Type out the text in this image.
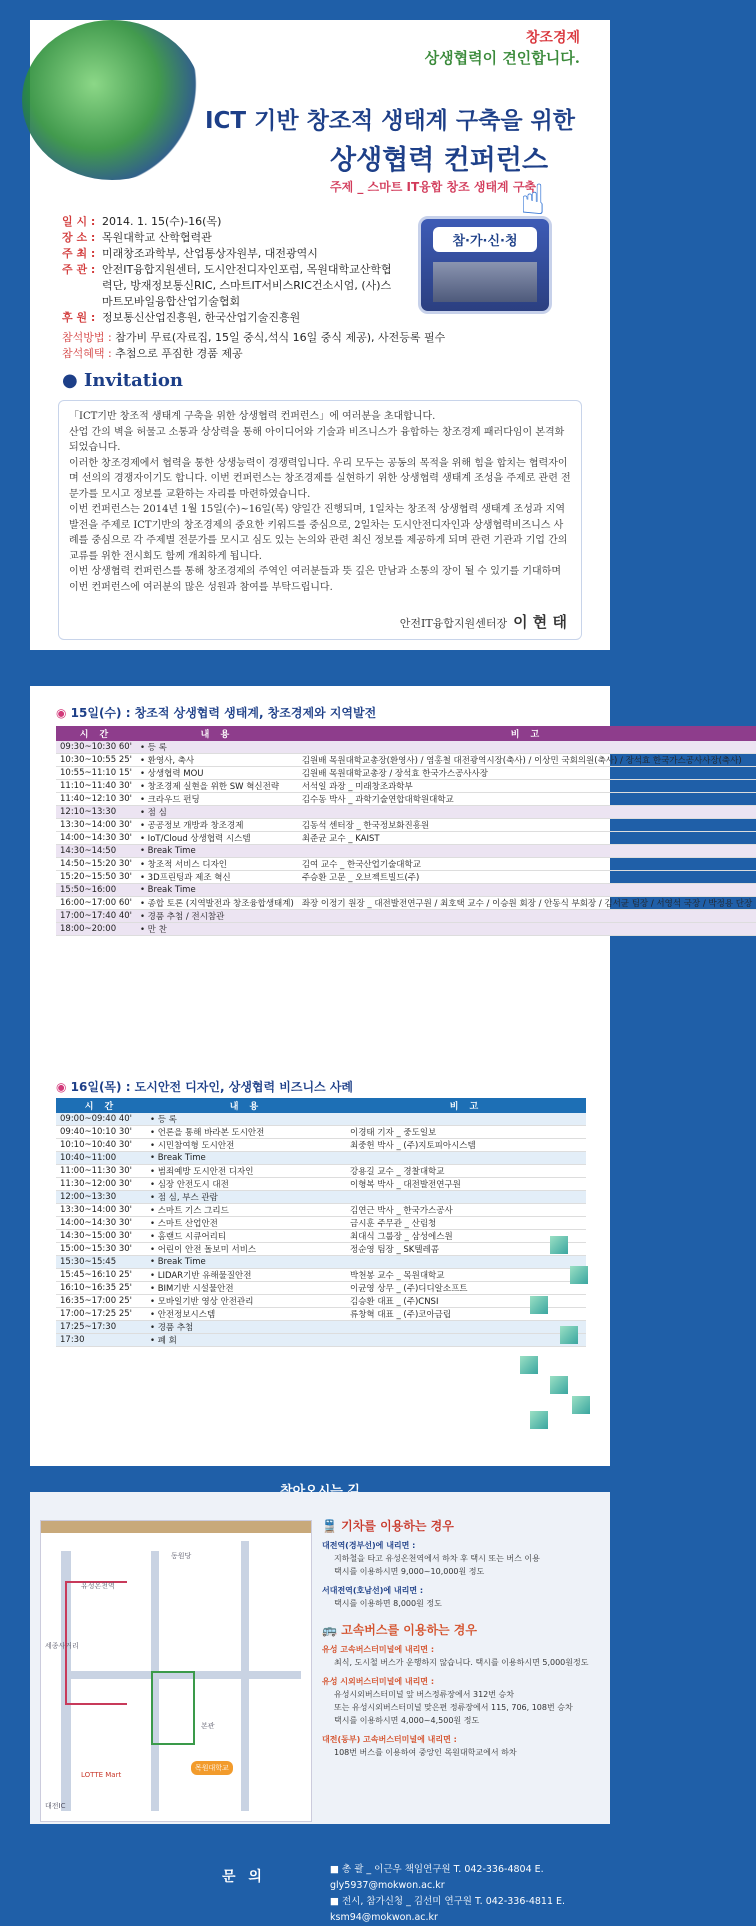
창조경제
상생협력이 견인합니다.
ICT 기반 창조적 생태계 구축을 위한
상생협력 컨퍼런스
주제 _ 스마트 IT융합 창조 생태계 구축
일 시 : 2014. 1. 15(수)-16(목)
장 소 : 목원대학교 산학협력관
주 최 : 미래창조과학부, 산업통상자원부, 대전광역시
주 관 : 안전IT융합지원센터, 도시안전디자인포럼, 목원대학교산학협력단, 방재정보통신RIC, 스마트IT서비스RIC건소시엄, (사)스마트모바일융합산업기술협회
후 원 : 정보통신산업진흥원, 한국산업기술진흥원
참·가·신·청
☝
참석방법 : 참가비 무료(자료집, 15일 중식,석식 16일 중식 제공), 사전등록 필수
참석혜택 : 추첨으로 푸짐한 경품 제공
● Invitation

「ICT기반 창조적 생태계 구축을 위한 상생협력 컨퍼런스」에 여러분을 초대합니다.

산업 간의 벽을 허물고 소통과 상상력을 통해 아이디어와 기술과 비즈니스가 융합하는 창조경제 패러다임이 본격화되었습니다.

이러한 창조경제에서 협력을 통한 상생능력이 경쟁력입니다. 우리 모두는 공동의 목적을 위해 힘을 합치는 협력자이며 선의의 경쟁자이기도 합니다. 이번 컨퍼런스는 창조경제를 실현하기 위한 상생협력 생태계 조성을 주제로 관련 전문가를 모시고 정보를 교환하는 자리를 마련하였습니다.

이번 컨퍼런스는 2014년 1월 15일(수)~16일(목) 양일간 진행되며, 1일차는 창조적 상생협력 생태계 조성과 지역발전을 주제로 ICT기반의 창조경제의 중요한 키워드를 중심으로, 2일차는 도시안전디자인과 상생협력비즈니스 사례를 중심으로 각 주제별 전문가를 모시고 심도 있는 논의와 관련 최신 정보를 제공하게 되며 관련 기관과 기업 간의 교류를 위한 전시회도 함께 개최하게 됩니다.

이번 상생협력 컨퍼런스를 통해 창조경제의 주역인 여러분들과 뜻 깊은 만남과 소통의 장이 될 수 있기를 기대하며 이번 컨퍼런스에 여러분의 많은 성원과 참여를 부탁드립니다.

안전IT융합지원센터장 이 현 태
◉ 15일(수) : 창조적 상생협력 생태계, 창조경제와 지역발전
시 간	내 용	비 고
09:30~10:30 60'	• 등 록	
10:30~10:55 25'	• 환영사, 축사	김원배 목원대학교총장(환영사) / 염홍철 대전광역시장(축사) / 이상민 국회의원(축사) / 장석효 한국가스공사사장(축사)
10:55~11:10 15'	• 상생협력 MOU	김원배 목원대학교총장 / 장석효 한국가스공사사장
11:10~11:40 30'	• 창조경제 실현을 위한 SW 혁신전략	서석일 과장 _ 미래창조과학부
11:40~12:10 30'	• 크라우드 펀딩	김수동 박사 _ 과학기술연합대학원대학교
12:10~13:30	• 점 심	
13:30~14:00 30'	• 공공정보 개방과 창조경제	김동석 센터장 _ 한국정보화진흥원
14:00~14:30 30'	• IoT/Cloud 상생협력 시스템	최준균 교수 _ KAIST
14:30~14:50	• Break Time	
14:50~15:20 30'	• 창조적 서비스 디자인	김여 교수 _ 한국산업기술대학교
15:20~15:50 30'	• 3D프린팅과 제조 혁신	주승환 고문 _ 오브젝트빌드(주)
15:50~16:00	• Break Time	
16:00~17:00 60'	• 종합 토론 (지역발전과 창조융합생태계)	좌장 이정기 원장 _ 대전발전연구원 / 최호택 교수 / 이승원 회장 / 안동식 부회장 / 김서균 팀장 / 서영석 국장 / 박정용 단장
17:00~17:40 40'	• 경품 추첨 / 전시참관	
18:00~20:00	• 만 찬	
◉ 16일(목) : 도시안전 디자인, 상생협력 비즈니스 사례
시 간	내 용	비 고
09:00~09:40 40'	• 등 록	
09:40~10:10 30'	• 언론을 통해 바라본 도시안전	이경태 기자 _ 중도일보
10:10~10:40 30'	• 시민참여형 도시안전	최중헌 박사 _ (주)지토피아시스템
10:40~11:00	• Break Time	
11:00~11:30 30'	• 범죄예방 도시안전 디자인	강용길 교수 _ 경찰대학교
11:30~12:00 30'	• 심장 안전도시 대전	이형복 박사 _ 대전발전연구원
12:00~13:30	• 점 심, 부스 관람	
13:30~14:00 30'	• 스마트 기스 그리드	김연근 박사 _ 한국가스공사
14:00~14:30 30'	• 스마트 산업안전	금시훈 주무관 _ 산림청
14:30~15:00 30'	• 홈랜드 시큐어리티	최대식 그룹장 _ 삼성에스원
15:00~15:30 30'	• 어린이 안전 돌보미 서비스	정순영 팀장 _ SK텔레콤
15:30~15:45	• Break Time	
15:45~16:10 25'	• LIDAR기반 유해물질안전	박천봉 교수 _ 목원대학교
16:10~16:35 25'	• BIM기반 시설물안전	이균영 상무 _ (주)디디알소프트
16:35~17:00 25'	• 모바일기반 영상 안전관리	김승환 대표 _ (주)CNSI
17:00~17:25 25'	• 안전정보시스템	류창혁 대표 _ (주)코아금립
17:25~17:30	• 경품 추첨	
17:30	• 폐 회	
동원당
유성온천역
목원대학교
LOTTE Mart
대전IC
세종사거리
본관
🚆 기차를 이용하는 경우
대전역(경부선)에 내리면 :
지하철을 타고 유성온천역에서 하차 후 택시 또는 버스 이용
택시를 이용하시면 9,000~10,000원 정도
서대전역(호남선)에 내리면 :
택시를 이용하면 8,000원 정도
🚌 고속버스를 이용하는 경우
유성 고속버스터미널에 내리면 :
최식, 도시철 버스가 운행하지 않습니다. 택시를 이용하시면 5,000원정도
유성 시외버스터미널에 내리면 :
유성시외버스터미널 앞 버스정류장에서 312번 승차
또는 유성시외버스터미널 맞은편 정류장에서 115, 706, 108번 승차
택시를 이용하시면 4,000~4,500원 정도
대전(동부) 고속버스터미널에 내리면 :
108번 버스를 이용하여 중앙인 목원대학교에서 하차
문 의	■ 총 괄 _ 이근우 책임연구원 T. 042-336-4804 E. gly5937@mokwon.ac.kr
■ 전시, 참가신청 _ 김선미 연구원 T. 042-336-4811 E. ksm94@mokwon.ac.kr
